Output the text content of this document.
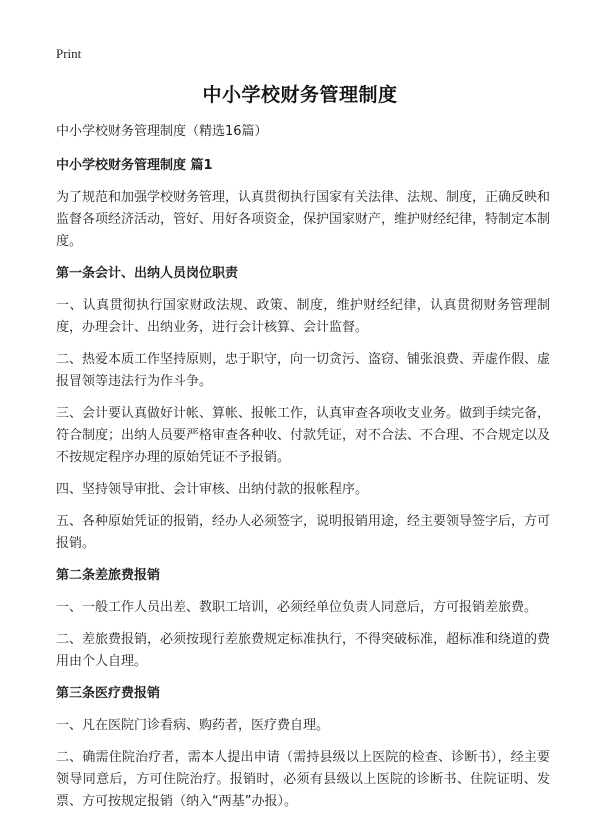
Print
中小学校财务管理制度

中小学校财务管理制度（精选16篇）

中小学校财务管理制度 篇1

为了规范和加强学校财务管理，认真贯彻执行国家有关法律、法规、制度，正确反映和监督各项经济活动，管好、用好各项资金，保护国家财产，维护财经纪律，特制定本制度。

第一条会计、出纳人员岗位职责

一、认真贯彻执行国家财政法规、政策、制度，维护财经纪律，认真贯彻财务管理制度，办理会计、出纳业务，进行会计核算、会计监督。

二、热爱本质工作坚持原则，忠于职守，向一切贪污、盗窃、铺张浪费、弄虚作假、虚报冒领等违法行为作斗争。

三、会计要认真做好计帐、算帐、报帐工作，认真审查各项收支业务。做到手续完备，符合制度；出纳人员要严格审查各种收、付款凭证，对不合法、不合理、不合规定以及不按规定程序办理的原始凭证不予报销。

四、坚持领导审批、会计审核、出纳付款的报帐程序。

五、各种原始凭证的报销，经办人必须签字，说明报销用途，经主要领导签字后，方可报销。

第二条差旅费报销

一、一般工作人员出差、教职工培训，必须经单位负责人同意后，方可报销差旅费。

二、差旅费报销，必须按现行差旅费规定标准执行，不得突破标准，超标准和绕道的费用由个人自理。

第三条医疗费报销

一、凡在医院门诊看病、购药者，医疗费自理。

二、确需住院治疗者，需本人提出申请（需持县级以上医院的检查、诊断书），经主要领导同意后，方可住院治疗。报销时，必须有县级以上医院的诊断书、住院证明、发票、方可按规定报销（纳入“两基”办报）。
